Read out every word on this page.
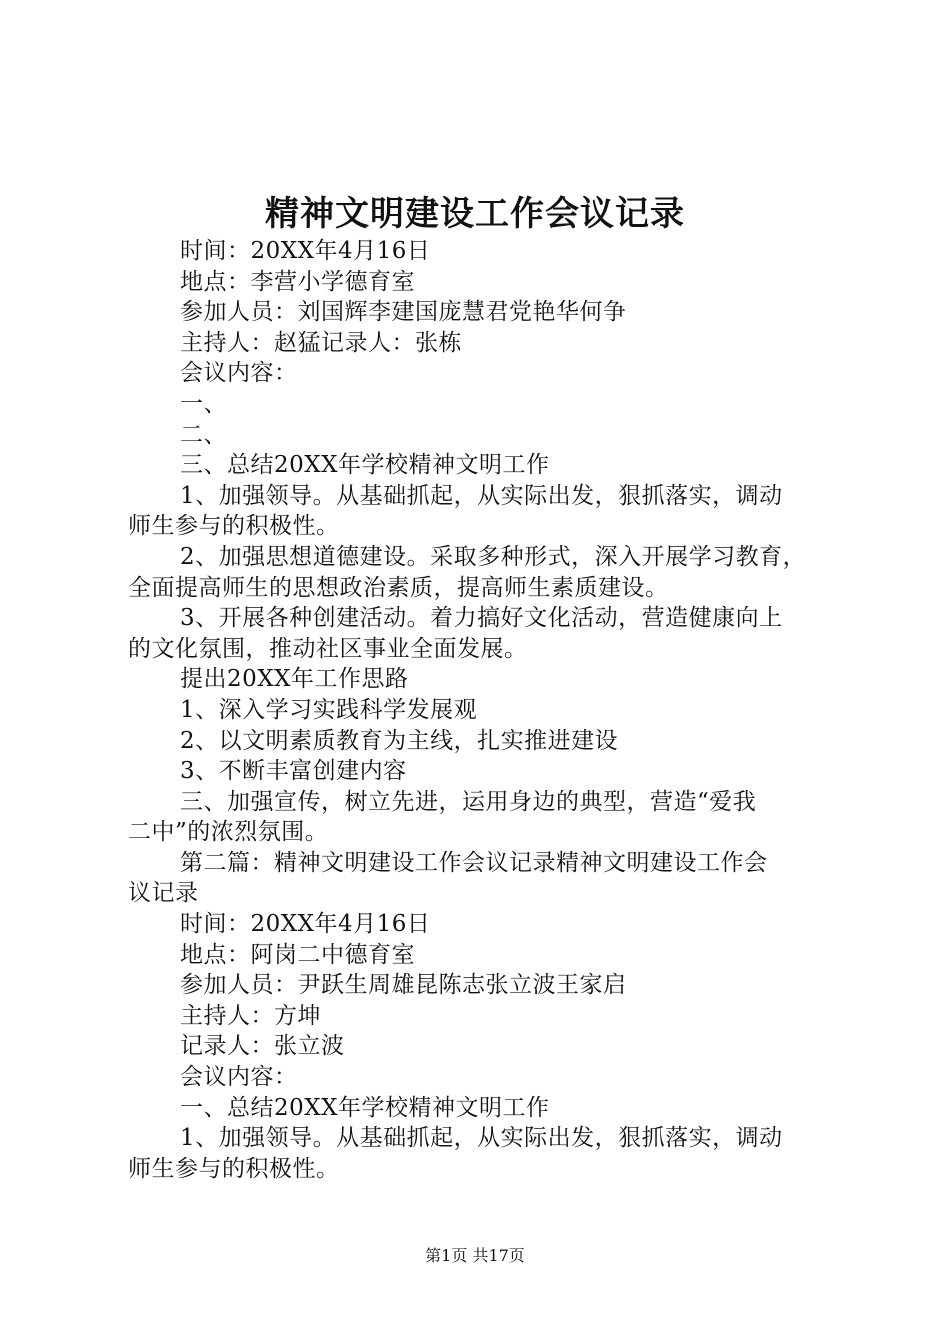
精神文明建设工作会议记录
时间：20XX年4月16日
地点：李营小学德育室
参加人员：刘国辉李建国庞慧君党艳华何争
主持人：赵猛记录人：张栋
会议内容：
一、
二、
三、总结20XX年学校精神文明工作
1、加强领导。从基础抓起，从实际出发，狠抓落实，调动
师生参与的积极性。
2、加强思想道德建设。采取多种形式，深入开展学习教育，
全面提高师生的思想政治素质，提高师生素质建设。
3、开展各种创建活动。着力搞好文化活动，营造健康向上
的文化氛围，推动社区事业全面发展。
提出20XX年工作思路
1、深入学习实践科学发展观
2、以文明素质教育为主线，扎实推进建设
3、不断丰富创建内容
三、加强宣传，树立先进，运用身边的典型，营造“爱我
二中”的浓烈氛围。
第二篇：精神文明建设工作会议记录精神文明建设工作会
议记录
时间：20XX年4月16日
地点：阿岗二中德育室
参加人员：尹跃生周雄昆陈志张立波王家启
主持人：方坤
记录人：张立波
会议内容：
一、总结20XX年学校精神文明工作
1、加强领导。从基础抓起，从实际出发，狠抓落实，调动
师生参与的积极性。
第1页 共17页
